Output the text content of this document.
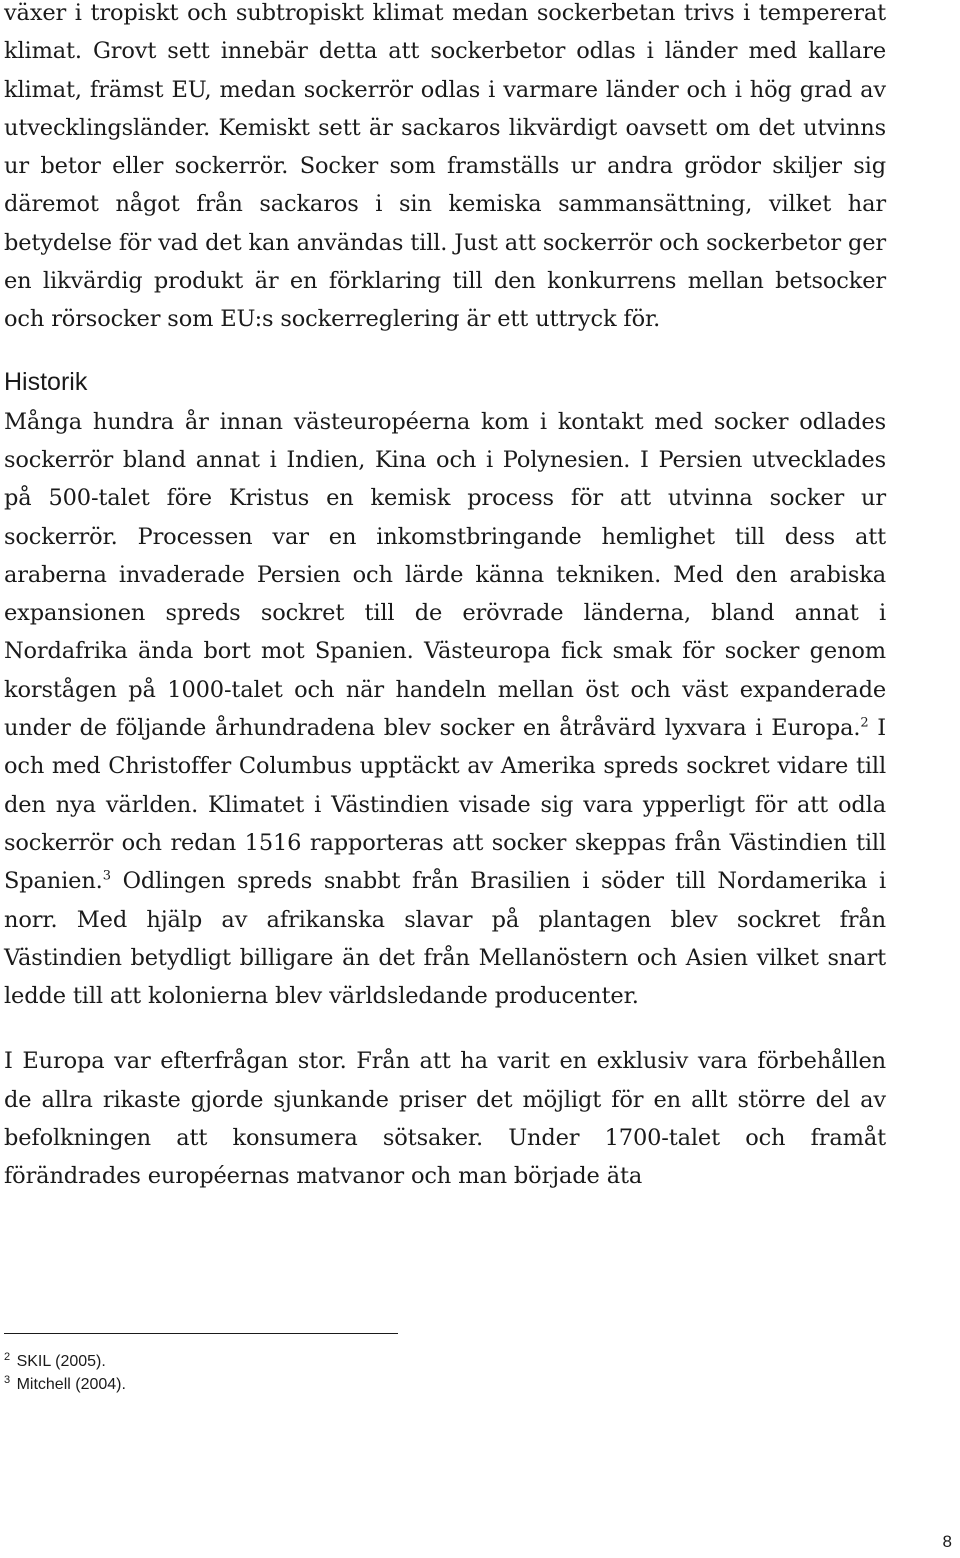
växer i tropiskt och subtropiskt klimat medan sockerbetan trivs i tempererat klimat. Grovt sett innebär detta att sockerbetor odlas i länder med kallare klimat, främst EU, medan sockerrör odlas i varmare länder och i hög grad av utvecklingsländer. Kemiskt sett är sackaros likvärdigt oavsett om det utvinns ur betor eller sockerrör. Socker som framställs ur andra grödor skiljer sig däremot något från sackaros i sin kemiska sammansättning, vilket har betydelse för vad det kan användas till. Just att sockerrör och sockerbetor ger en likvärdig produkt är en förklaring till den konkurrens mellan betsocker och rörsocker som EU:s sockerreglering är ett uttryck för.

Historik

Många hundra år innan västeuropéerna kom i kontakt med socker odlades sockerrör bland annat i Indien, Kina och i Polynesien. I Persien utvecklades på 500-talet före Kristus en kemisk process för att utvinna socker ur sockerrör. Processen var en inkomstbringande hemlighet till dess att araberna invaderade Persien och lärde känna tekniken. Med den arabiska expansionen spreds sockret till de erövrade länderna, bland annat i Nordafrika ända bort mot Spanien. Västeuropa fick smak för socker genom korstågen på 1000-talet och när handeln mellan öst och väst expanderade under de följande århundradena blev socker en åtråvärd lyxvara i Europa.$^2$ I och med Christoffer Columbus upptäckt av Amerika spreds sockret vidare till den nya världen. Klimatet i Västindien visade sig vara ypperligt för att odla sockerrör och redan 1516 rapporteras att socker skeppas från Västindien till Spanien.$^3$ Odlingen spreds snabbt från Brasilien i söder till Nordamerika i norr. Med hjälp av afrikanska slavar på plantagen blev sockret från Västindien betydligt billigare än det från Mellanöstern och Asien vilket snart ledde till att kolonierna blev världsledande producenter.

I Europa var efterfrågan stor. Från att ha varit en exklusiv vara förbehållen de allra rikaste gjorde sjunkande priser det möjligt för en allt större del av befolkningen att konsumera sötsaker. Under 1700-talet och framåt förändrades européernas matvanor och man började äta

$^2$ SKIL (2005).
$^3$ Mitchell (2004).
8
